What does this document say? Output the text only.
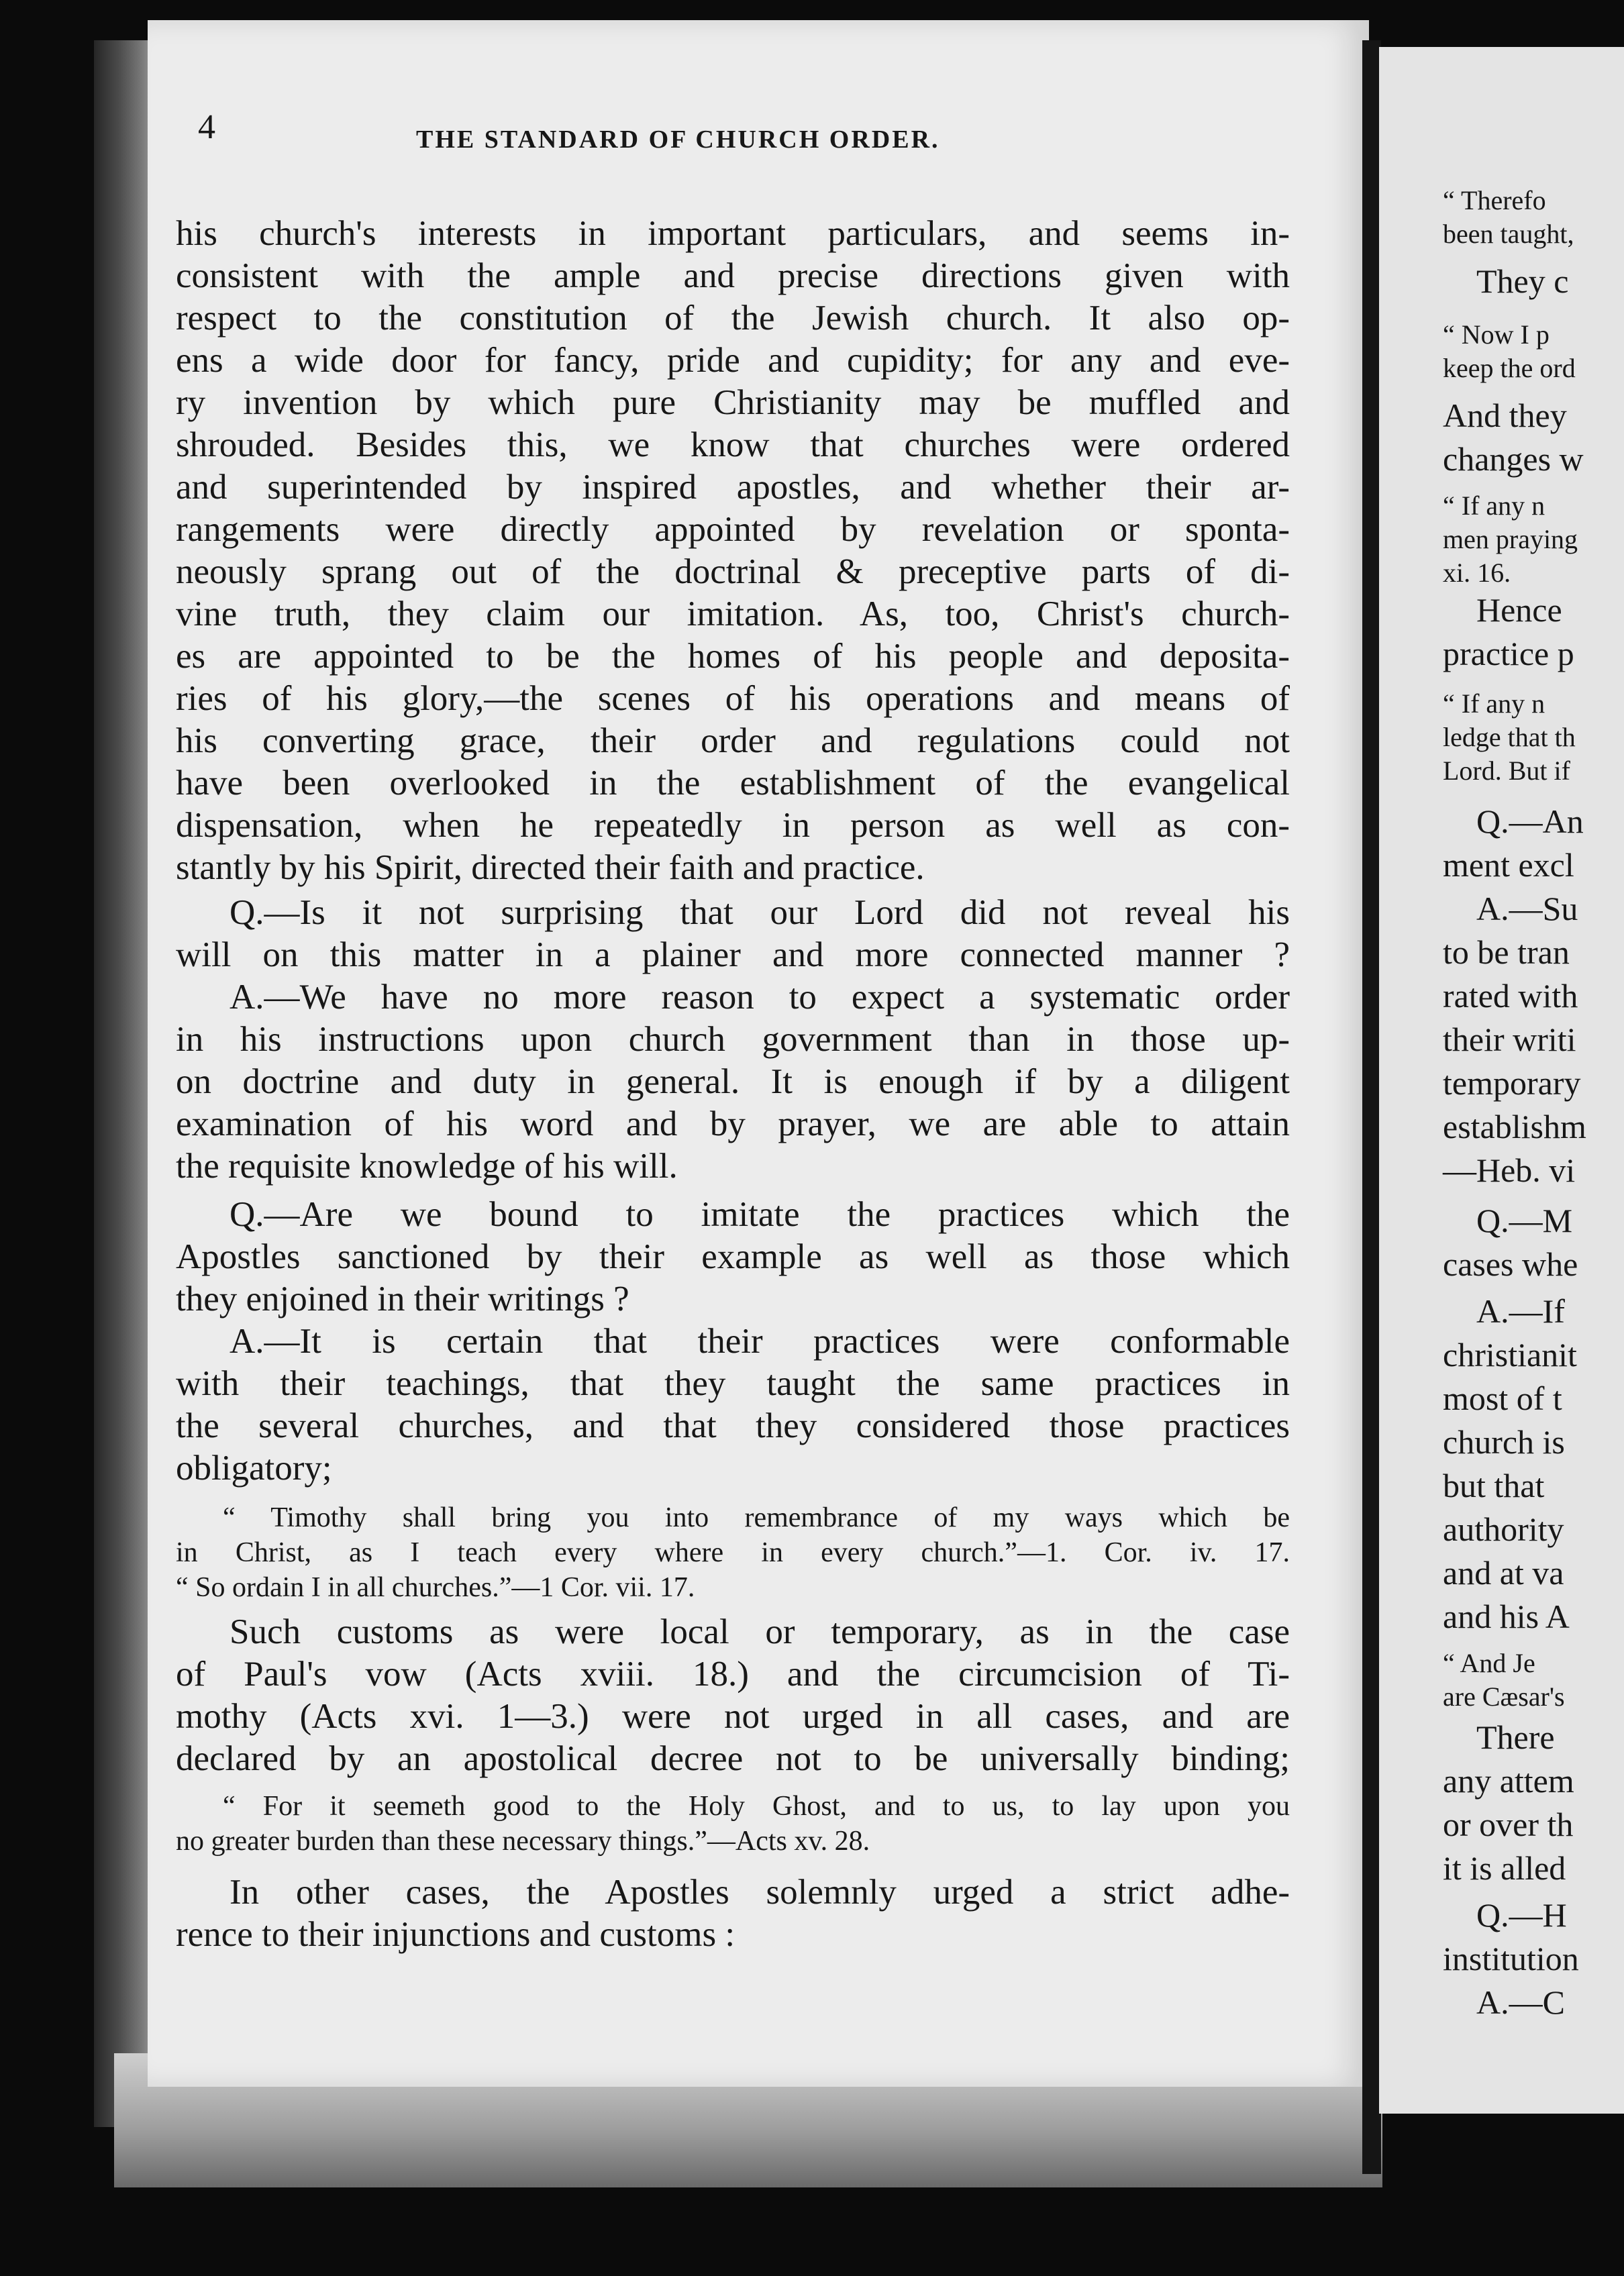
4	THE STANDARD OF CHURCH ORDER.
his church's interests in important particulars, and seems in-
consistent with the ample and precise directions given with
respect to the constitution of the Jewish church. It also op-
ens a wide door for fancy, pride and cupidity; for any and eve-
ry invention by which pure Christianity may be muffled and
shrouded. Besides this, we know that churches were ordered
and superintended by inspired apostles, and whether their ar-
rangements were directly appointed by revelation or sponta-
neously sprang out of the doctrinal & preceptive parts of di-
vine truth, they claim our imitation. As, too, Christ's church-
es are appointed to be the homes of his people and deposita-
ries of his glory,—the scenes of his operations and means of
his converting grace, their order and regulations could not
have been overlooked in the establishment of the evangelical
dispensation, when he repeatedly in person as well as con-
stantly by his Spirit, directed their faith and practice.
Q.—Is it not surprising that our Lord did not reveal his
will on this matter in a plainer and more connected manner ?
A.—We have no more reason to expect a systematic order
in his instructions upon church government than in those up-
on doctrine and duty in general. It is enough if by a diligent
examination of his word and by prayer, we are able to attain
the requisite knowledge of his will.
Q.—Are we bound to imitate the practices which the
Apostles sanctioned by their example as well as those which
they enjoined in their writings ?
A.—It is certain that their practices were conformable
with their teachings, that they taught the same practices in
the several churches, and that they considered those practices
obligatory;
“ Timothy shall bring you into remembrance of my ways which be
in Christ, as I teach every where in every church.”—1. Cor. iv. 17.
“ So ordain I in all churches.”—1 Cor. vii. 17.
Such customs as were local or temporary, as in the case
of Paul's vow (Acts xviii. 18.) and the circumcision of Ti-
mothy (Acts xvi. 1—3.) were not urged in all cases, and are
declared by an apostolical decree not to be universally binding;
“ For it seemeth good to the Holy Ghost, and to us, to lay upon you
no greater burden than these necessary things.”—Acts xv. 28.
In other cases, the Apostles solemnly urged a strict adhe-
rence to their injunctions and customs :
“ Therefo
been taught,
They c
“ Now I p
keep the ord
And they
changes w
“ If any n
men praying
xi. 16.
Hence
practice p
“ If any n
ledge that th
Lord. But if
Q.—An
ment excl
A.—Su
to be tran
rated with
their writi
temporary
establishm
—Heb. vi
Q.—M
cases whe
A.—If
christianit
most of t
church is
but that
authority
and at va
and his A
“ And Je
are Cæsar's
There
any attem
or over th
it is alled
Q.—H
institution
A.—C
